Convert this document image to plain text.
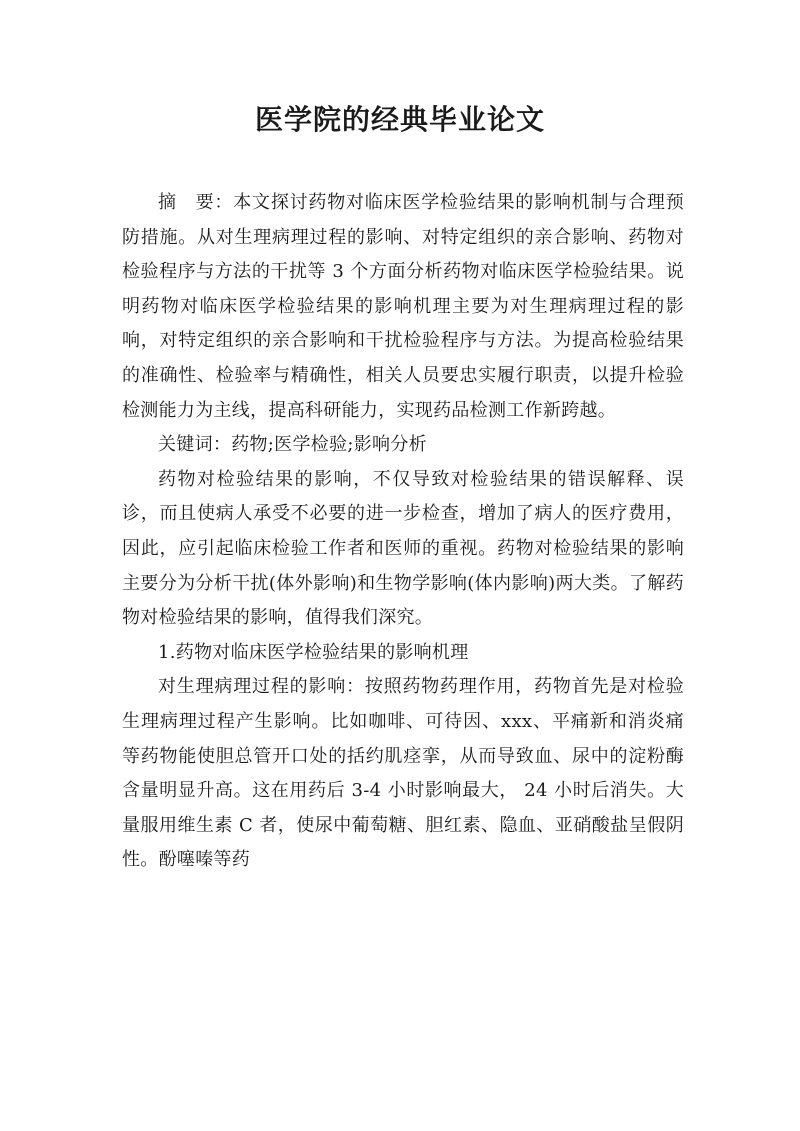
医学院的经典毕业论文

摘　要：本文探讨药物对临床医学检验结果的影响机制与合理预防措施。从对生理病理过程的影响、对特定组织的亲合影响、药物对检验程序与方法的干扰等 3 个方面分析药物对临床医学检验结果。说明药物对临床医学检验结果的影响机理主要为对生理病理过程的影响，对特定组织的亲合影响和干扰检验程序与方法。为提高检验结果的准确性、检验率与精确性，相关人员要忠实履行职责，以提升检验检测能力为主线，提高科研能力，实现药品检测工作新跨越。

关键词：药物;医学检验;影响分析

药物对检验结果的影响，不仅导致对检验结果的错误解释、误诊，而且使病人承受不必要的进一步检查，增加了病人的医疗费用，因此，应引起临床检验工作者和医师的重视。药物对检验结果的影响主要分为分析干扰(体外影响)和生物学影响(体内影响)两大类。了解药物对检验结果的影响，值得我们深究。

1.药物对临床医学检验结果的影响机理

对生理病理过程的影响：按照药物药理作用，药物首先是对检验生理病理过程产生影响。比如咖啡、可待因、xxx、平痛新和消炎痛等药物能使胆总管开口处的括约肌痉挛，从而导致血、尿中的淀粉酶含量明显升高。这在用药后 3-4 小时影响最大， 24 小时后消失。大量服用维生素 C 者，使尿中葡萄糖、胆红素、隐血、亚硝酸盐呈假阴性。酚噻嗪等药
